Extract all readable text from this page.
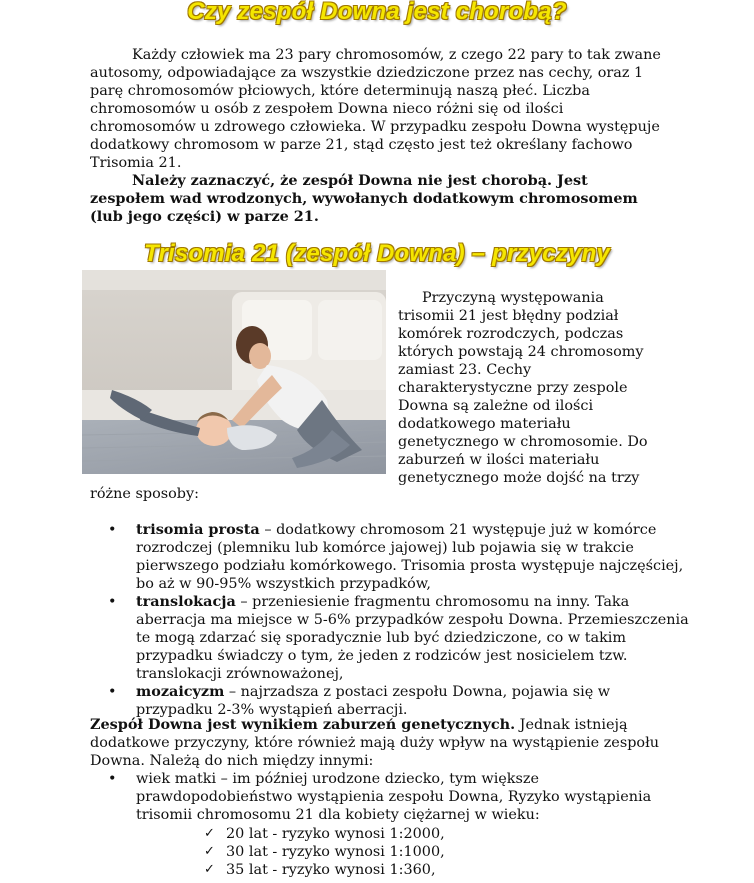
Czy zespół Downa jest chorobą?

Każdy człowiek ma 23 pary chromosomów, z czego 22 pary to tak zwane autosomy, odpowiadające za wszystkie dziedziczone przez nas cechy, oraz 1 parę chromosomów płciowych, które determinują naszą płeć. Liczba chromosomów u osób z zespołem Downa nieco różni się od ilości chromosomów u zdrowego człowieka. W przypadku zespołu Downa występuje dodatkowy chromosom w parze 21, stąd często jest też określany fachowo Trisomia 21.

Należy zaznaczyć, że zespół Downa nie jest chorobą. Jest zespołem wad wrodzonych, wywołanych dodatkowym chromosomem (lub jego części) w parze 21.

Trisomia 21 (zespół Downa) – przyczyny
Przyczyną występowania trisomii 21 jest błędny podział komórek rozrodczych, podczas których powstają 24 chromosomy zamiast 23. Cechy charakterystyczne przy zespole Downa są zależne od ilości dodatkowego materiału genetycznego w chromosomie. Do zaburzeń w ilości materiału genetycznego może dojść na trzy
różne sposoby:
• trisomia prosta – dodatkowy chromosom 21 występuje już w komórce rozrodczej (plemniku lub komórce jajowej) lub pojawia się w trakcie pierwszego podziału komórkowego. Trisomia prosta występuje najczęściej, bo aż w 90-95% wszystkich przypadków,
• translokacja – przeniesienie fragmentu chromosomu na inny. Taka aberracja ma miejsce w 5-6% przypadków zespołu Downa. Przemieszczenia te mogą zdarzać się sporadycznie lub być dziedziczone, co w takim przypadku świadczy o tym, że jeden z rodziców jest nosicielem tzw. translokacji zrównoważonej,
• mozaicyzm – najrzadsza z postaci zespołu Downa, pojawia się w przypadku 2-3% wystąpień aberracji.

Zespół Downa jest wynikiem zaburzeń genetycznych. Jednak istnieją dodatkowe przyczyny, które również mają duży wpływ na wystąpienie zespołu Downa. Należą do nich między innymi:

• wiek matki – im później urodzone dziecko, tym większe prawdopodobieństwo wystąpienia zespołu Downa, Ryzyko wystąpienia trisomii chromosomu 21 dla kobiety ciężarnej w wieku:
✓ 20 lat - ryzyko wynosi 1:2000,
✓ 30 lat - ryzyko wynosi 1:1000,
✓ 35 lat - ryzyko wynosi 1:360,
